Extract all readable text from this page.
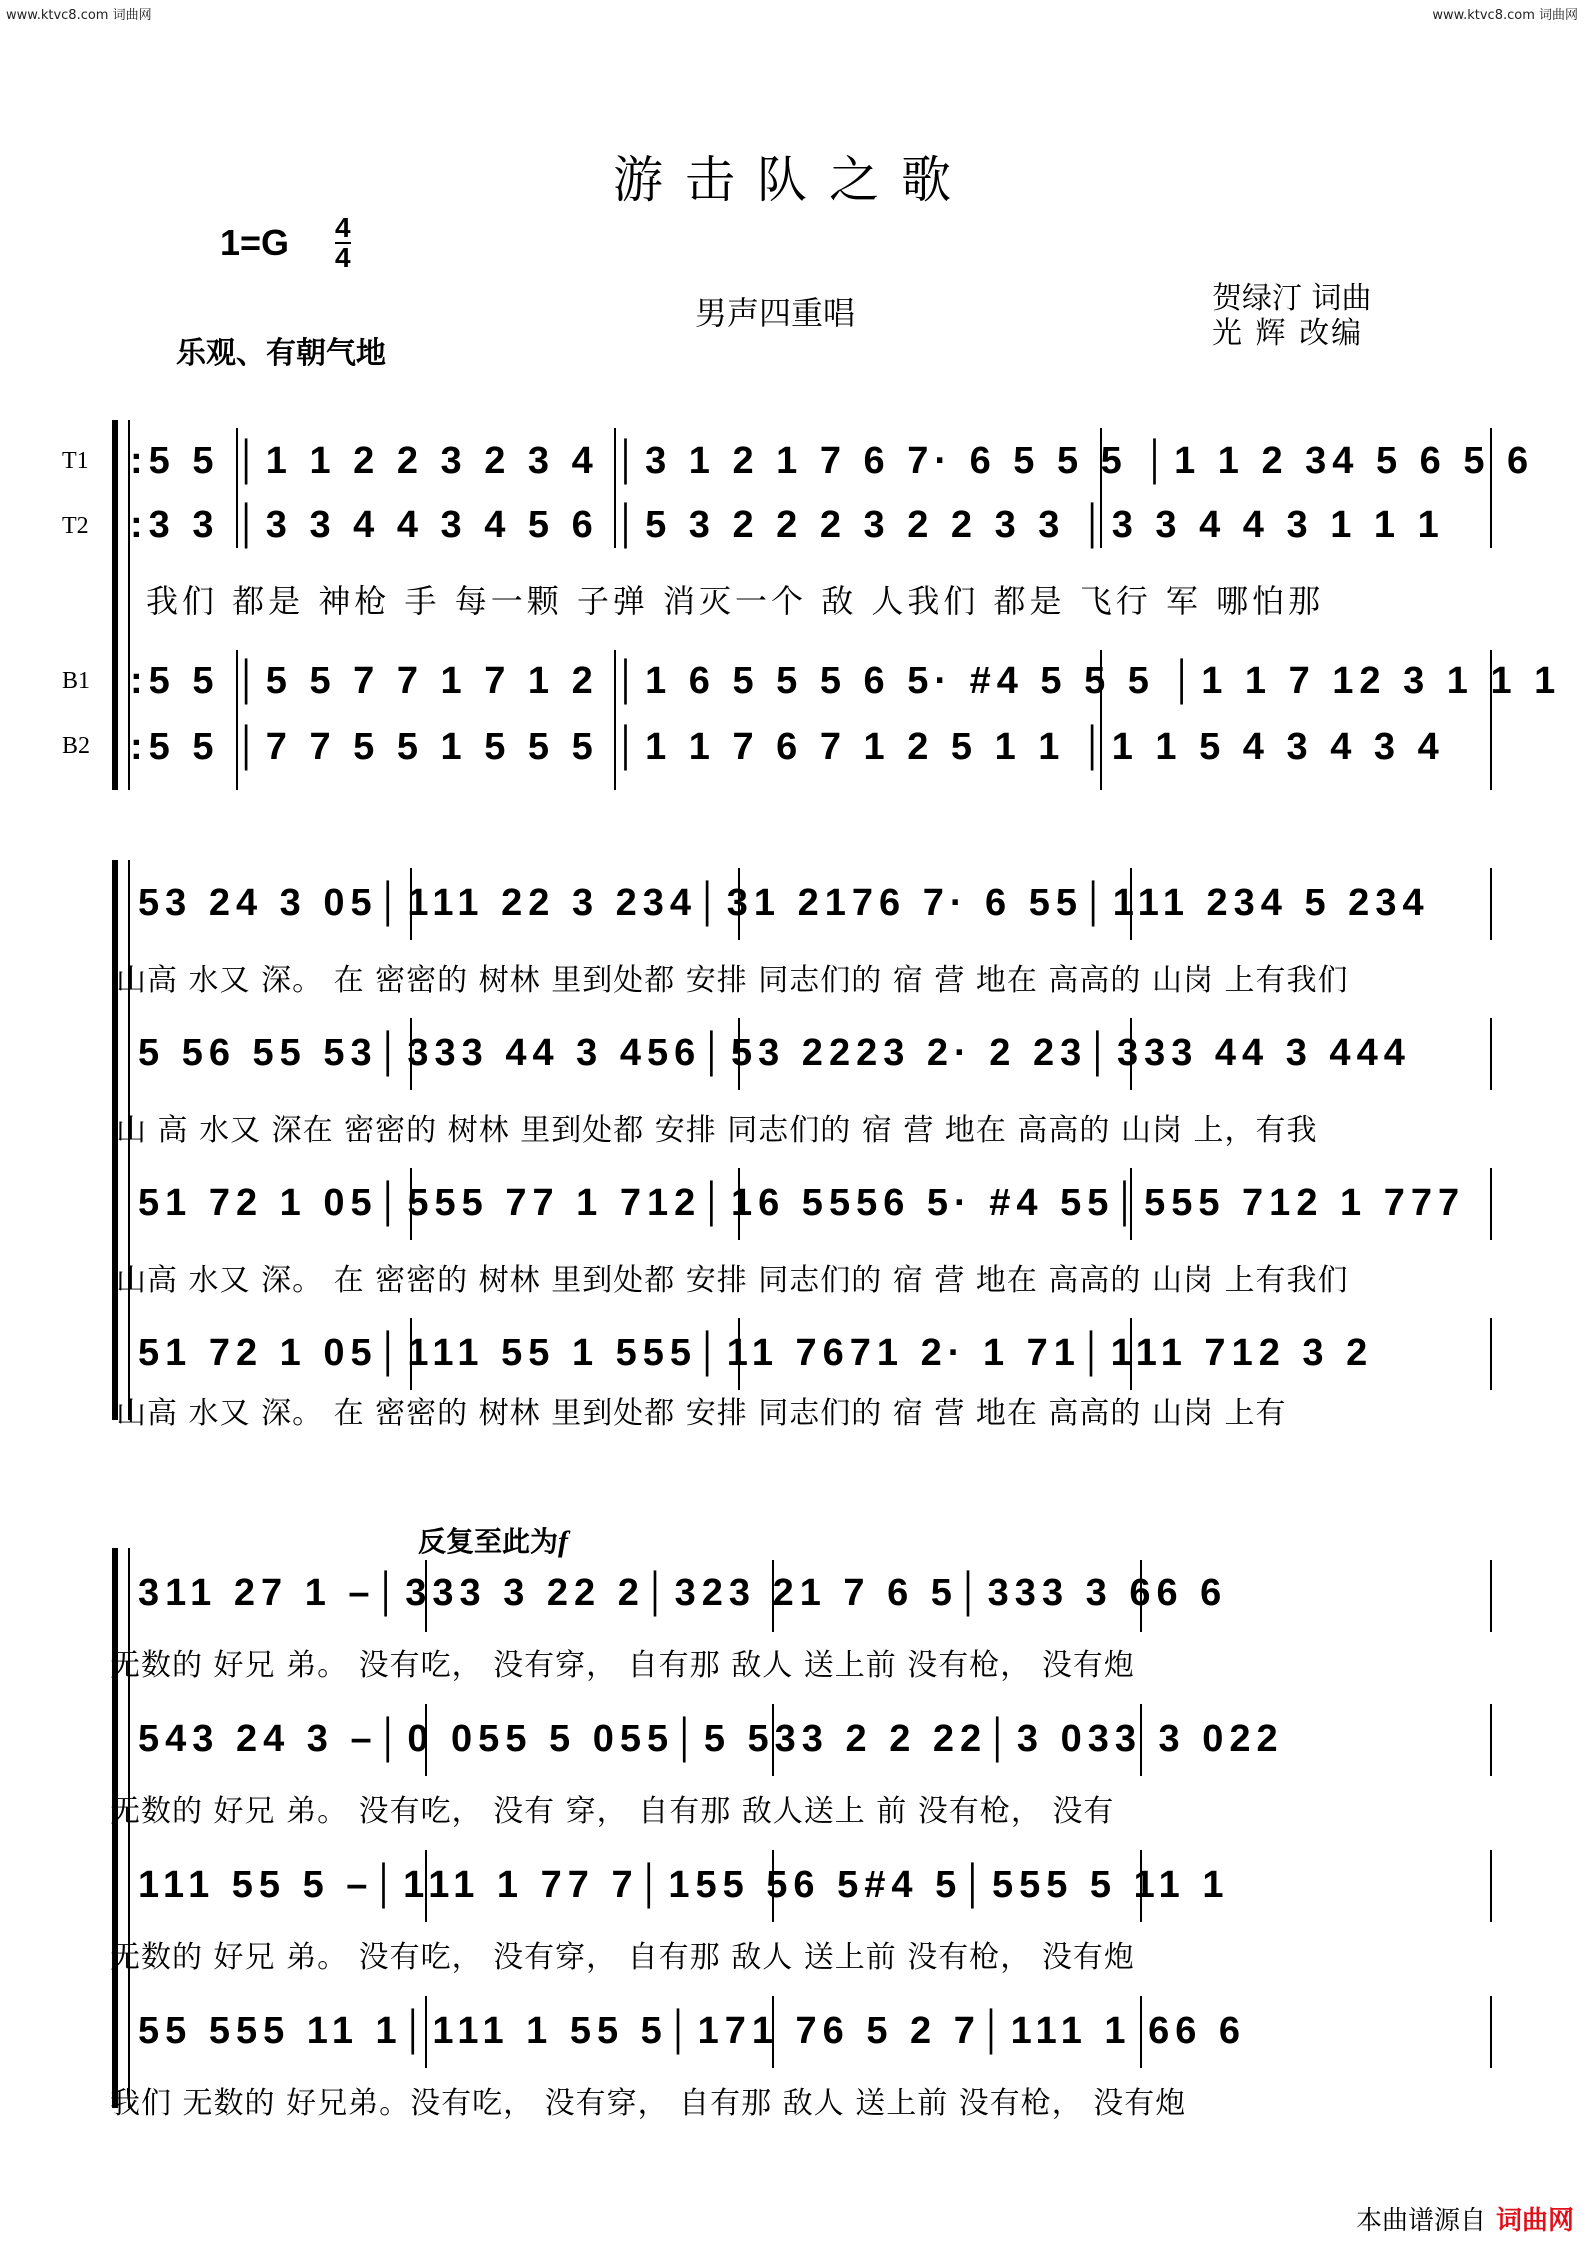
www.ktvc8.com 词曲网	www.ktvc8.com 词曲网
游击队之歌
$1=G \frac{4}{4}$
乐观、有朝气地
男声四重唱	贺绿汀 词曲
光 辉 改编
T1
T2
B1
B2
:5 5 │1 1 2 2 3 2 3 4 │3 1 2 1 7 6 7· 6 5 5 5 │1 1 2 34 5 6 5 6
:3 3 │3 3 4 4 3 4 5 6 │5 3 2 2 2 3 2 2 3 3 │3 3 4 4 3 1 1 1
我们 都是 神枪 手 每一颗 子弹 消灭一个 敌 人我们 都是 飞行 军 哪怕那
:5 5 │5 5 7 7 1 7 1 2 │1 6 5 5 5 6 5· #4 5 5 5 │1 1 7 12 3 1 1 1
:5 5 │7 7 5 5 1 5 5 5 │1 1 7 6 7 1 2 5 1 1 │1 1 5 4 3 4 3 4
53 24 3 05│111 22 3 234│31 2176 7· 6 55│111 234 5 234
山高 水又 深。 在 密密的 树林 里到处都 安排 同志们的 宿 营 地在 高高的 山岗 上有我们
5 56 55 53│333 44 3 456│53 2223 2· 2 23│333 44 3 444
山 高 水又 深在 密密的 树林 里到处都 安排 同志们的 宿 营 地在 高高的 山岗 上，有我
51 72 1 05│555 77 1 712│16 5556 5· #4 55│555 712 1 777
山高 水又 深。 在 密密的 树林 里到处都 安排 同志们的 宿 营 地在 高高的 山岗 上有我们
51 72 1 05│111 55 1 555│11 7671 2· 1 71│111 712 3 2
山高 水又 深。 在 密密的 树林 里到处都 安排 同志们的 宿 营 地在 高高的 山岗 上有
反复至此为f
311 27 1 –│333 3 22 2│323 21 7 6 5│333 3 66 6
无数的 好兄 弟。 没有吃， 没有穿， 自有那 敌人 送上前 没有枪， 没有炮
543 24 3 –│0 055 5 055│5 533 2 2 22│3 033 3 022
无数的 好兄 弟。 没有吃， 没有 穿， 自有那 敌人送上 前 没有枪， 没有
111 55 5 –│111 1 77 7│155 56 5#4 5│555 5 11 1
无数的 好兄 弟。 没有吃， 没有穿， 自有那 敌人 送上前 没有枪， 没有炮
55 555 11 1│111 1 55 5│171 76 5 2 7│111 1 66 6
我们 无数的 好兄弟。没有吃， 没有穿， 自有那 敌人 送上前 没有枪， 没有炮
本曲谱源自 词曲网
